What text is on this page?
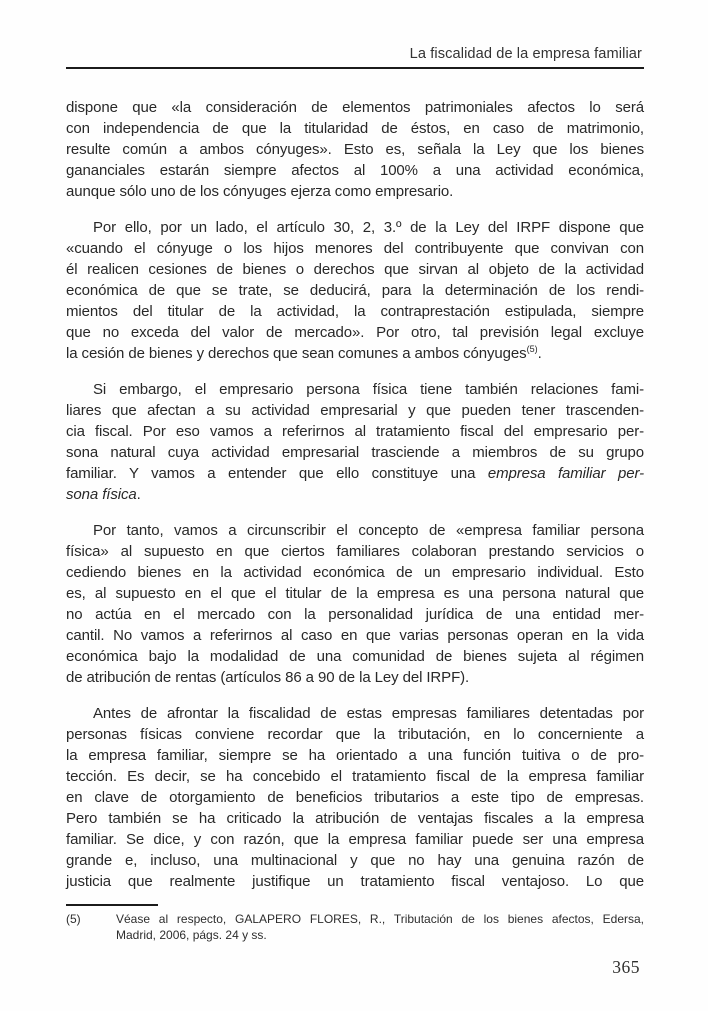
La fiscalidad de la empresa familiar
dispone que «la consideración de elementos patrimoniales afectos lo será
con independencia de que la titularidad de éstos, en caso de matrimonio,
resulte común a ambos cónyuges». Esto es, señala la Ley que los bienes
gananciales estarán siempre afectos al 100% a una actividad económica,
aunque sólo uno de los cónyuges ejerza como empresario.
Por ello, por un lado, el artículo 30, 2, 3.º de la Ley del IRPF dispone que
«cuando el cónyuge o los hijos menores del contribuyente que convivan con
él realicen cesiones de bienes o derechos que sirvan al objeto de la actividad
económica de que se trate, se deducirá, para la determinación de los rendi-
mientos del titular de la actividad, la contraprestación estipulada, siempre
que no exceda del valor de mercado». Por otro, tal previsión legal excluye
la cesión de bienes y derechos que sean comunes a ambos cónyuges$^{(5)}$.
Si embargo, el empresario persona física tiene también relaciones fami-
liares que afectan a su actividad empresarial y que pueden tener trascenden-
cia fiscal. Por eso vamos a referirnos al tratamiento fiscal del empresario per-
sona natural cuya actividad empresarial trasciende a miembros de su grupo
familiar. Y vamos a entender que ello constituye una empresa familiar per-
sona física.
Por tanto, vamos a circunscribir el concepto de «empresa familiar persona
física» al supuesto en que ciertos familiares colaboran prestando servicios o
cediendo bienes en la actividad económica de un empresario individual. Esto
es, al supuesto en el que el titular de la empresa es una persona natural que
no actúa en el mercado con la personalidad jurídica de una entidad mer-
cantil. No vamos a referirnos al caso en que varias personas operan en la vida
económica bajo la modalidad de una comunidad de bienes sujeta al régimen
de atribución de rentas (artículos 86 a 90 de la Ley del IRPF).
Antes de afrontar la fiscalidad de estas empresas familiares detentadas por
personas físicas conviene recordar que la tributación, en lo concerniente a
la empresa familiar, siempre se ha orientado a una función tuitiva o de pro-
tección. Es decir, se ha concebido el tratamiento fiscal de la empresa familiar
en clave de otorgamiento de beneficios tributarios a este tipo de empresas.
Pero también se ha criticado la atribución de ventajas fiscales a la empresa
familiar. Se dice, y con razón, que la empresa familiar puede ser una empresa
grande e, incluso, una multinacional y que no hay una genuina razón de
justicia que realmente justifique un tratamiento fiscal ventajoso. Lo que
(5)	Véase al respecto, GALAPERO FLORES, R., Tributación de los bienes afectos, Edersa,
Madrid, 2006, págs. 24 y ss.
365
